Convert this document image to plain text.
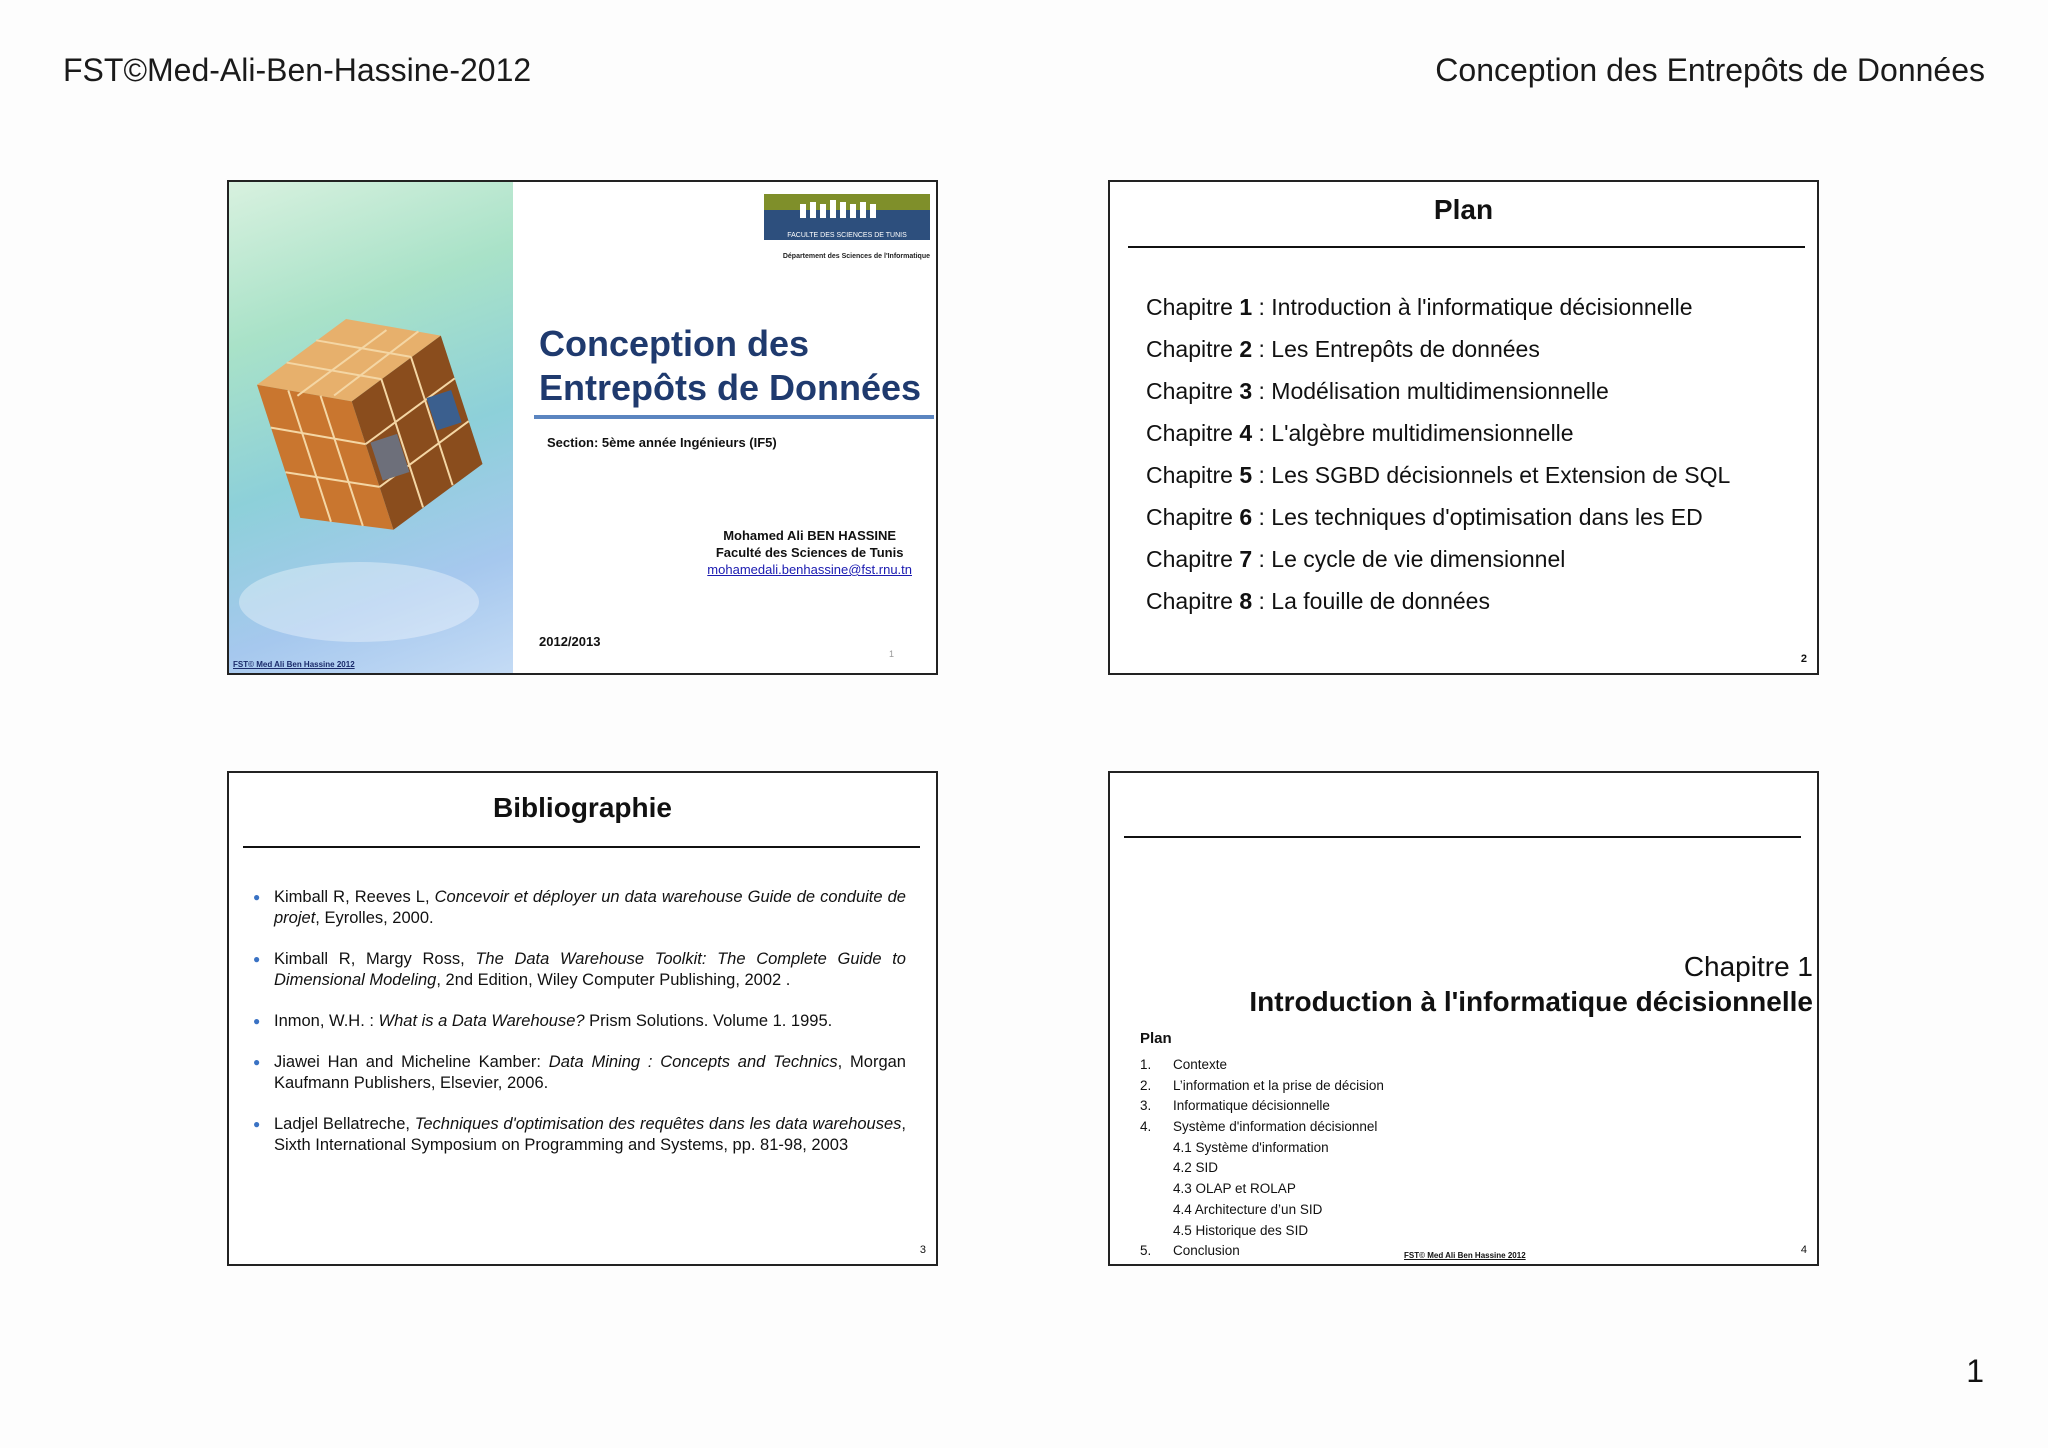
FST©Med-Ali-Ben-Hassine-2012	Conception des Entrepôts de Données
FST© Med Ali Ben Hassine 2012
FACULTE DES SCIENCES DE TUNIS
Département des Sciences de l'Informatique
Conception des
Entrepôts de Données
Section: 5ème année Ingénieurs (IF5)
Mohamed Ali BEN HASSINE
Faculté des Sciences de Tunis
mohamedali.benhassine@fst.rnu.tn
2012/2013
1
Plan
Chapitre 1 : Introduction à l'informatique décisionnelle
Chapitre 2 : Les Entrepôts de données
Chapitre 3 : Modélisation multidimensionnelle
Chapitre 4 : L'algèbre multidimensionnelle
Chapitre 5 : Les SGBD décisionnels et Extension de SQL
Chapitre 6 : Les techniques d'optimisation dans les ED
Chapitre 7 : Le cycle de vie dimensionnel
Chapitre 8 : La fouille de données
2
Bibliographie
● Kimball R, Reeves L, Concevoir et déployer un data warehouse Guide de conduite de projet, Eyrolles, 2000.
● Kimball R, Margy Ross, The Data Warehouse Toolkit: The Complete Guide to Dimensional Modeling, 2nd Edition, Wiley Computer Publishing, 2002 .
● Inmon, W.H. : What is a Data Warehouse? Prism Solutions. Volume 1. 1995.
● Jiawei Han and Micheline Kamber: Data Mining : Concepts and Technics, Morgan Kaufmann Publishers, Elsevier, 2006.
● Ladjel Bellatreche, Techniques d'optimisation des requêtes dans les data warehouses, Sixth International Symposium on Programming and Systems, pp. 81-98, 2003
3
Chapitre 1
Introduction à l'informatique décisionnelle
Plan
1. Contexte
2. L’information et la prise de décision
3. Informatique décisionnelle
4. Système d'information décisionnel
4.1 Système d'information
4.2 SID
4.3 OLAP et ROLAP
4.4 Architecture d’un SID
4.5 Historique des SID
5. Conclusion	FST© Med Ali Ben Hassine 2012	4
1
